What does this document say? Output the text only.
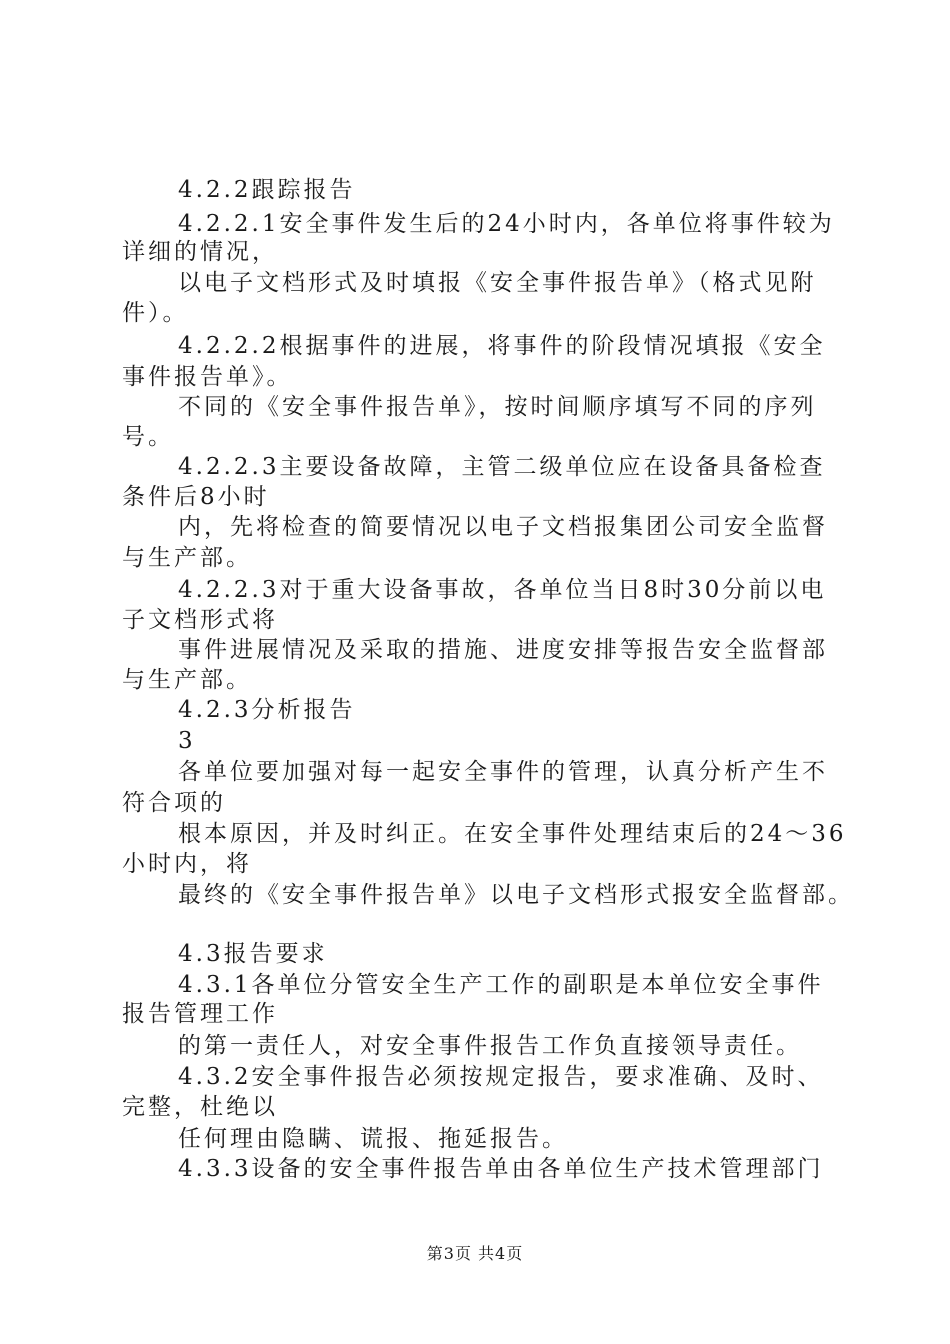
4.2.2跟踪报告
4.2.2.1安全事件发生后的24小时内，各单位将事件较为
详细的情况，
以电子文档形式及时填报《安全事件报告单》（格式见附
件）。
4.2.2.2根据事件的进展，将事件的阶段情况填报《安全
事件报告单》。
不同的《安全事件报告单》，按时间顺序填写不同的序列
号。
4.2.2.3主要设备故障，主管二级单位应在设备具备检查
条件后8小时
内，先将检查的简要情况以电子文档报集团公司安全监督
与生产部。
4.2.2.3对于重大设备事故，各单位当日8时30分前以电
子文档形式将
事件进展情况及采取的措施、进度安排等报告安全监督部
与生产部。
4.2.3分析报告
3
各单位要加强对每一起安全事件的管理，认真分析产生不
符合项的
根本原因，并及时纠正。在安全事件处理结束后的24～36
小时内，将
最终的《安全事件报告单》以电子文档形式报安全监督部。
4.3报告要求
4.3.1各单位分管安全生产工作的副职是本单位安全事件
报告管理工作
的第一责任人，对安全事件报告工作负直接领导责任。
4.3.2安全事件报告必须按规定报告，要求准确、及时、
完整，杜绝以
任何理由隐瞒、谎报、拖延报告。
4.3.3设备的安全事件报告单由各单位生产技术管理部门
第3页 共4页
